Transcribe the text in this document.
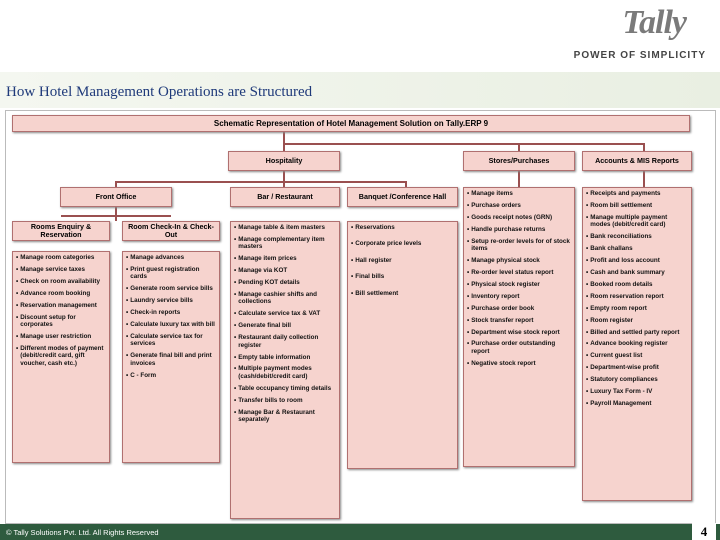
How Hotel Management Operations are Structured
Tally
POWER OF SIMPLICITY
Schematic Representation of Hotel Management Solution on Tally.ERP 9
Hospitality	Stores/Purchases	Accounts & MIS Reports
Front Office	Bar / Restaurant	Banquet /Conference Hall
Rooms Enquiry & Reservation
Room Check-In & Check-Out
• Manage room categories
• Manage service taxes
• Check on room availability
• Advance room booking
• Reservation management
• Discount setup for corporates
• Manage user restriction
• Different modes of payment (debit/credit card, gift voucher, cash etc.)
• Manage advances
• Print guest registration cards
• Generate room service bills
• Laundry service bills
• Check-in reports
• Calculate luxury tax with bill
• Calculate service tax for services
• Generate final bill and print invoices
• C - Form
• Manage table & item masters
• Manage complementary item masters
• Manage item prices
• Manage via KOT
• Pending KOT details
• Manage cashier shifts and collections
• Calculate service tax & VAT
• Generate final bill
• Restaurant daily collection register
• Empty table information
• Multiple payment modes (cash/debit/credit card)
• Table occupancy timing details
• Transfer bills to room
• Manage Bar & Restaurant separately
• Reservations
• Corporate price levels
• Hall register
• Final bills
• Bill settlement
• Manage items
• Purchase orders
• Goods receipt notes (GRN)
• Handle purchase returns
• Setup re-order levels for of stock items
• Manage physical stock
• Re-order level status report
• Physical stock register
• Inventory report
• Purchase order book
• Stock transfer report
• Department wise stock report
• Purchase order outstanding report
• Negative stock report
• Receipts and payments
• Room bill settlement
• Manage multiple payment modes (debit/credit card)
• Bank reconciliations
• Bank challans
• Profit and loss account
• Cash and bank summary
• Booked room details
• Room reservation report
• Empty room report
• Room register
• Billed and settled party report
• Advance booking register
• Current guest list
• Department-wise profit
• Statutory compliances
• Luxury Tax Form - IV
• Payroll Management
© Tally Solutions Pvt. Ltd. All Rights Reserved	4
